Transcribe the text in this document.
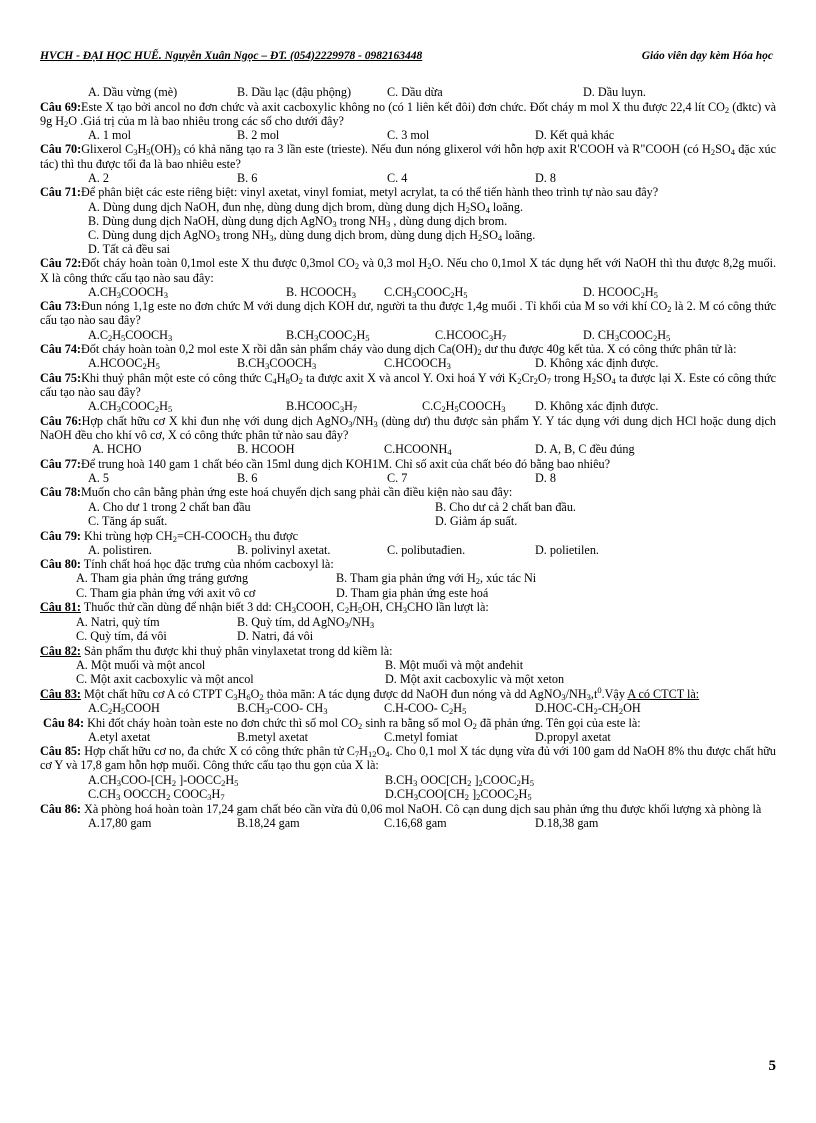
HVCH - ĐẠI HỌC HUẾ. Nguyễn Xuân Ngọc – ĐT. (054)2229978 - 0982163448	Giáo viên dạy kèm Hóa học
A. Dầu vừng (mè)	B. Dầu lạc (đậu phộng)	C. Dầu dừa	D. Dầu luyn.

Câu 69:Este X tạo bởi ancol no đơn chức và axit cacboxylic không no (có 1 liên kết đôi) đơn chức. Đốt cháy m mol X thu được 22,4 lít $CO_2$ (đktc) và 9g $H_2O$ .Giá trị của m là bao nhiêu trong các số cho dưới đây?

A. 1 mol	B. 2 mol	C. 3 mol	D. Kết quả khác

Câu 70:Glixerol $C_3H_5(OH)_3$ có khả năng tạo ra 3 lần este (trieste). Nếu đun nóng glixerol với hỗn hợp axit R'COOH và R"COOH (có $H_2SO_4$ đặc xúc tác) thì thu được tối đa là bao nhiêu este?

A. 2	B. 6	C. 4	D. 8

Câu 71:Để phân biệt các este riêng biệt: vinyl axetat, vinyl fomiat, metyl acrylat, ta có thể tiến hành theo trình tự nào sau đây?

A. Dùng dung dịch NaOH, đun nhẹ, dùng dung dịch brom, dùng dung dịch $H_2SO_4$ loãng.
B. Dùng dung dịch NaOH, dùng dung dịch AgNO$_3$ trong $NH_3$ , dùng dung dịch brom.
C. Dùng dung dịch AgNO$_3$ trong $NH_3$, dùng dung dịch brom, dùng dung dịch $H_2SO_4$ loãng.
D. Tất cả đều sai

Câu 72:Đốt cháy hoàn toàn 0,1mol este X thu được 0,3mol $CO_2$ và 0,3 mol $H_2O$. Nếu cho 0,1mol X tác dụng hết với NaOH thì thu được 8,2g muối. X là công thức cấu tạo nào sau đây:

$A.CH_3COOCH_3$	B. $HCOOCH_3$ $C.CH_3COOC_2H_5$	D. $HCOOC_2H_5$

Câu 73:Đun nóng 1,1g este no đơn chức M với dung dịch KOH dư, người ta thu được 1,4g muối . Tỉ khối của M so với khí $CO_2$ là 2. M có công thức cấu tạo nào sau đây?

$A.C_2H_5COOCH_3$	$B.CH_3COOC_2H_5$	$C.HCOOC_3H_7$	D. $CH_3COOC_2H_5$

Câu 74:Đốt cháy hoàn toàn 0,2 mol este X rồi dẫn sản phẩm cháy vào dung dịch $Ca(OH)_2$ dư thu được 40g kết tủa. X có công thức phân tử là:

$A.HCOOC_2H_5$	$B.CH_3COOCH_3$	$C.HCOOCH_3$	D. Không xác định được.

Câu 75:Khi thuỷ phân một este có công thức $C_4H_8O_2$ ta được axit X và ancol Y. Oxi hoá Y với $K_2Cr_2O_7$ trong $H_2SO_4$ ta được lại X. Este có công thức cấu tạo nào sau đây?

$A.CH_3COOC_2H_5$	$B.HCOOC_3H_7$	$C.C_2H_5COOCH_3$ D. Không xác định được.

Câu 76:Hợp chất hữu cơ X khi đun nhẹ với dung dịch $AgNO_3/NH_3$ (dùng dư) thu được sản phẩm Y. Y tác dụng với dung dịch HCl hoặc dung dịch NaOH đều cho khí vô cơ, X có công thức phân tử nào sau đây?

A. HCHO	B. HCOOH	$C.HCOONH_4$	D. A, B, C đều đúng

Câu 77:Để trung hoà 140 gam 1 chất béo cần 15ml dung dịch KOH1M. Chỉ số axit của chất béo đó bằng bao nhiêu?

A. 5	B. 6	C. 7	D. 8

Câu 78:Muốn cho cân bằng phản ứng este hoá chuyển dịch sang phải cần điều kiện nào sau đây:

A. Cho dư 1 trong 2 chất ban đầu	B. Cho dư cả 2 chất ban đầu.
C. Tăng áp suất.	D. Giảm áp suất.

Câu 79: Khi trùng hợp $CH_2=CH-COOCH_3$ thu được

A. polistiren.	B. polivinyl axetat.	C. polibutađien.	D. polietilen.

Câu 80: Tính chất hoá học đặc trưng của nhóm cacboxyl là:

A. Tham gia phản ứng tráng gương	B. Tham gia phản ứng với $H_2$, xúc tác Ni
C. Tham gia phản ứng với axit vô cơ	D. Tham gia phản ứng este hoá

Câu 81: Thuốc thử cần dùng để nhận biết 3 dd: $CH_3COOH$, $C_2H_5OH$, $CH_3CHO$ lần lượt là:

A. Natri, quỳ tím	B. Quỳ tím, dd $AgNO_3/NH_3$
C. Quỳ tím, đá vôi	D. Natri, đá vôi

Câu 82: Sản phẩm thu được khi thuỷ phân vinylaxetat trong dd kiềm là:

A. Một muối và một ancol	B. Một muối và một anđehit
C. Một axit cacboxylic và một ancol	D. Một axit cacboxylic và một xeton

Câu 83: Một chất hữu cơ A có CTPT $C_3H_6O_2$ thỏa mãn: A tác dụng được dd NaOH đun nóng và dd $AgNO_3/NH_3,t^0.Vậy$ A có CTCT là:

$A.C_2H_5COOH$	$B.CH_3-COO-$ $CH_3$	C.H-COO- $C_2H_5$	$D.HOC-CH_2-CH_2OH$

Câu 84: Khi đốt cháy hoàn toàn este no đơn chức thì số mol $CO_2$ sinh ra bằng số mol $O_2$ đã phản ứng. Tên gọi của este là:

A.etyl axetat	B.metyl axetat	C.metyl fomiat	D.propyl axetat

Câu 85: Hợp chất hữu cơ no, đa chức X có công thức phân tử $C_7H_{12}O_4$. Cho 0,1 mol X tác dụng vừa đủ với 100 gam dd NaOH 8% thu được chất hữu cơ Y và 17,8 gam hỗn hợp muối. Công thức cấu tạo thu gọn của X là:

$A.CH_3COO-[CH_2$ ]$-OOCC_2H_5$	$B.CH_3$ $OOC[CH_2$ ]$_2COOC_2H_5$
$C.CH_3$ $OOCCH_2$ $COOC_3H_7$	$D.CH_3COO[CH_2$ ]$_2COOC_2H_5$

Câu 86: Xà phòng hoá hoàn toàn 17,24 gam chất béo cần vừa đủ 0,06 mol NaOH. Cô cạn dung dịch sau phản ứng thu được khối lượng xà phòng là

A.17,80 gam	B.18,24 gam	C.16,68 gam	D.18,38 gam
5
